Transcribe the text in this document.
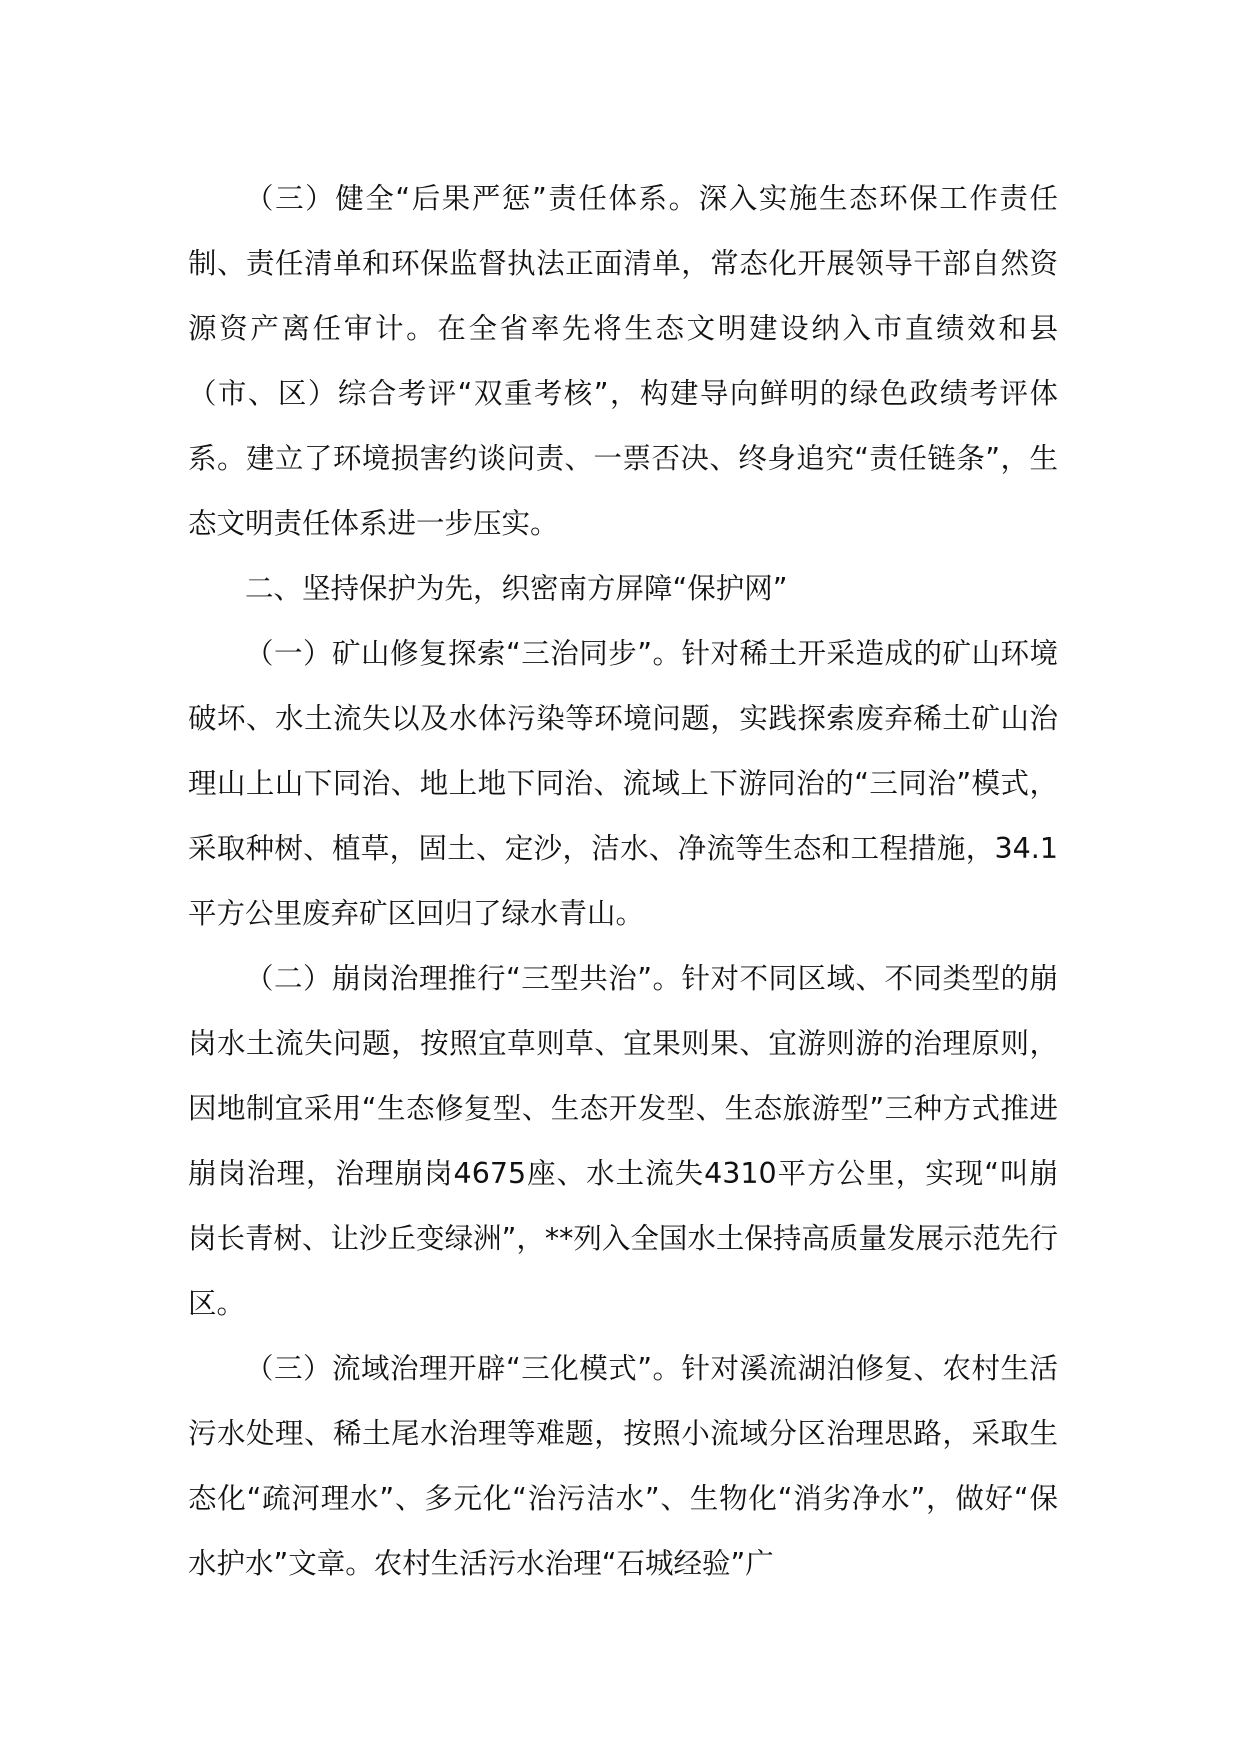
（三）健全“后果严惩”责任体系。深入实施生态环保工作责任制、责任清单和环保监督执法正面清单，常态化开展领导干部自然资源资产离任审计。在全省率先将生态文明建设纳入市直绩效和县（市、区）综合考评“双重考核”，构建导向鲜明的绿色政绩考评体系。建立了环境损害约谈问责、一票否决、终身追究“责任链条”，生态文明责任体系进一步压实。

二、坚持保护为先，织密南方屏障“保护网”

（一）矿山修复探索“三治同步”。针对稀土开采造成的矿山环境破坏、水土流失以及水体污染等环境问题，实践探索废弃稀土矿山治理山上山下同治、地上地下同治、流域上下游同治的“三同治”模式，采取种树、植草，固土、定沙，洁水、净流等生态和工程措施，34.1平方公里废弃矿区回归了绿水青山。

（二）崩岗治理推行“三型共治”。针对不同区域、不同类型的崩岗水土流失问题，按照宜草则草、宜果则果、宜游则游的治理原则，因地制宜采用“生态修复型、生态开发型、生态旅游型”三种方式推进崩岗治理，治理崩岗4675座、水土流失4310平方公里，实现“叫崩岗长青树、让沙丘变绿洲”，**列入全国水土保持高质量发展示范先行区。

（三）流域治理开辟“三化模式”。针对溪流湖泊修复、农村生活污水处理、稀土尾水治理等难题，按照小流域分区治理思路，采取生态化“疏河理水”、多元化“治污洁水”、生物化“消劣净水”，做好“保水护水”文章。农村生活污水治理“石城经验”广
